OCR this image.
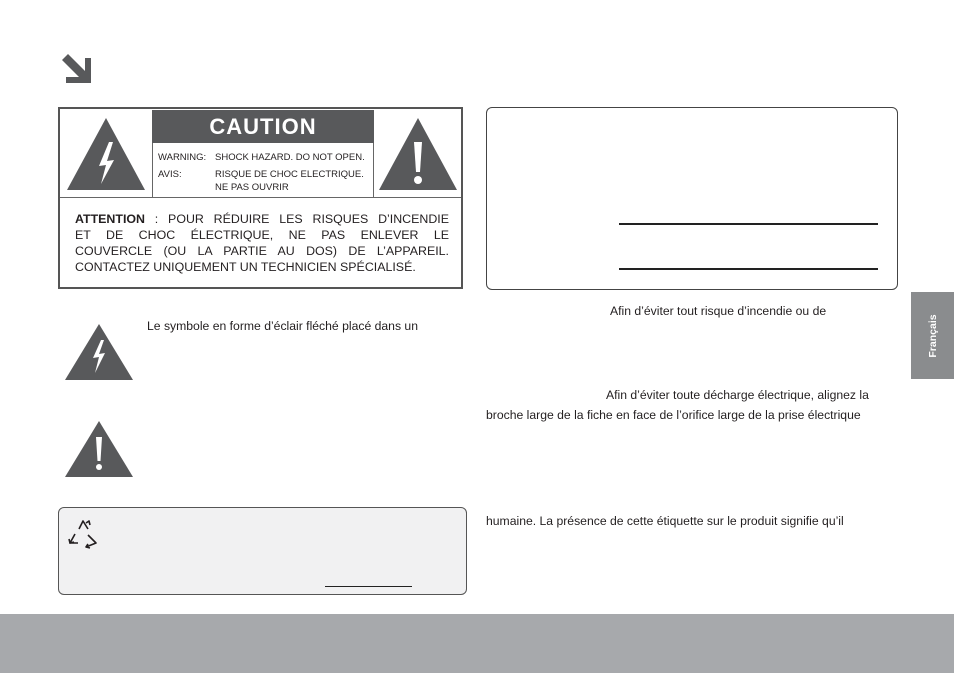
CAUTION
WARNING: SHOCK HAZARD. DO NOT OPEN.
AVIS:	RISQUE DE CHOC ELECTRIQUE.
NE PAS OUVRIR
ATTENTION : POUR RÉDUIRE LES RISQUES D’INCENDIE
ET DE CHOC ÉLECTRIQUE, NE PAS ENLEVER LE
COUVERCLE (OU LA PARTIE AU DOS) DE L’APPAREIL.
CONTACTEZ UNIQUEMENT UN TECHNICIEN SPÉCIALISÉ.
Le symbole en forme d’éclair fléché placé dans un
Afin d’éviter tout risque d’incendie ou de
Afin d’éviter toute décharge électrique, alignez la
broche large de la fiche en face de l’orifice large de la prise électrique
humaine. La présence de cette étiquette sur le produit signifie qu’il
Français
